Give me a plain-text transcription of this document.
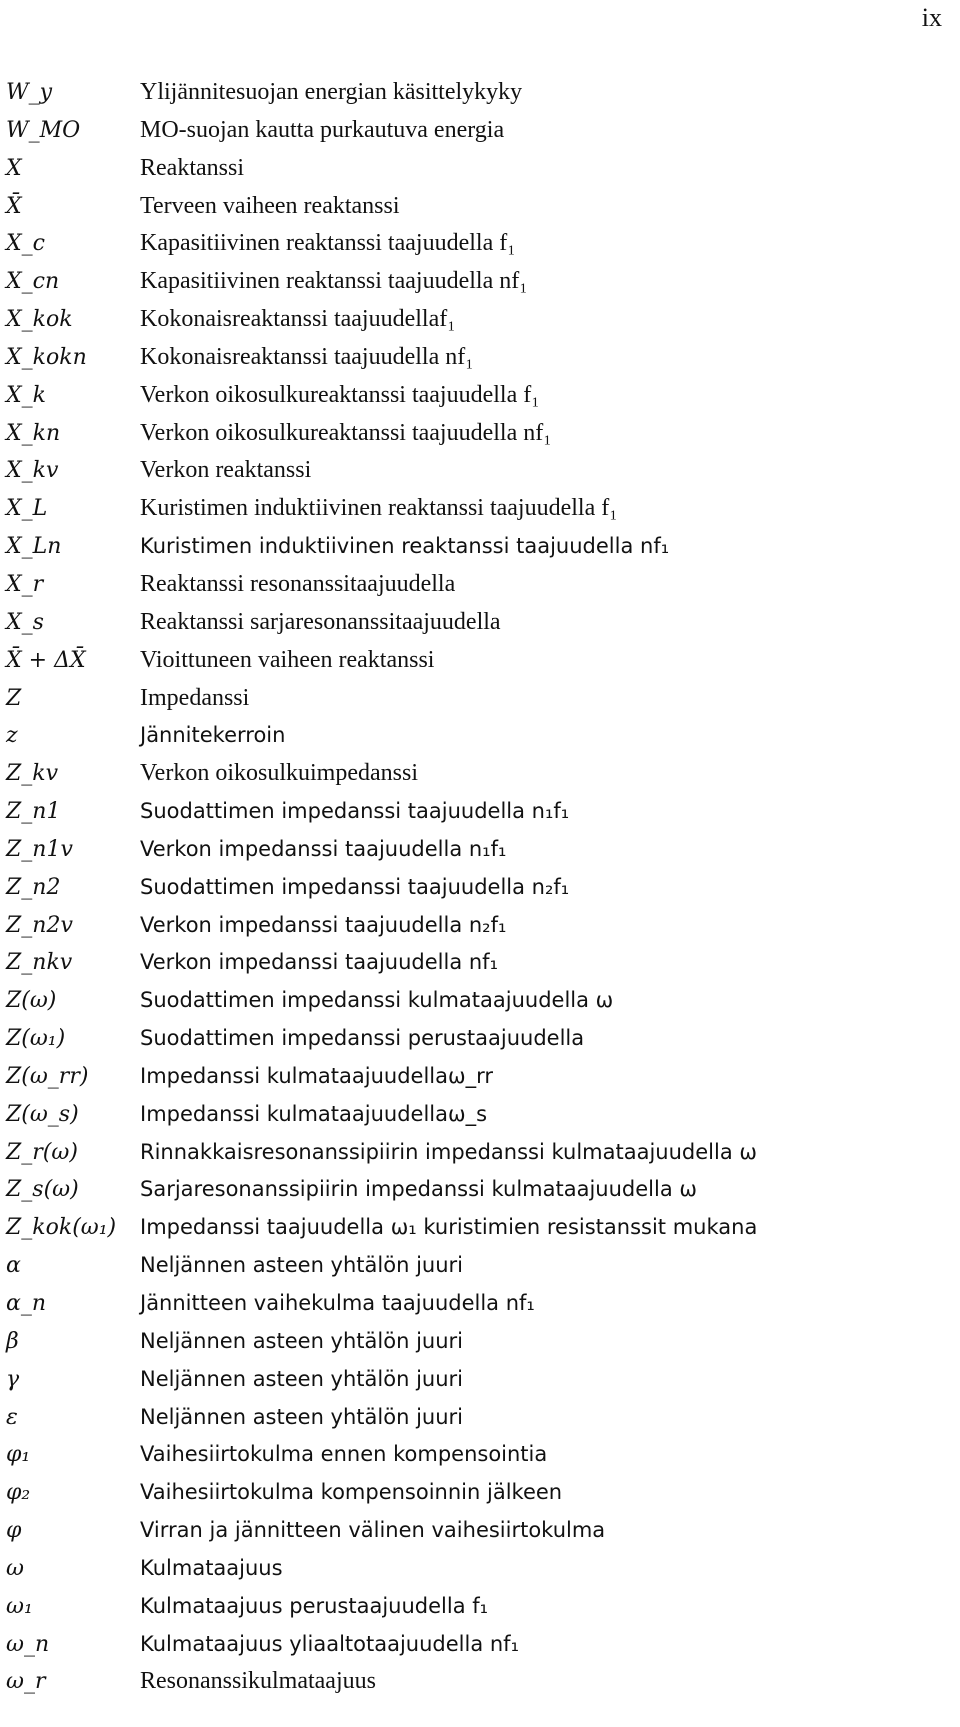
ix
W_y	Ylijännitesuojan energian käsittelykyky
W_MO MO-suojan kautta purkautuva energia
X	Reaktanssi
X̄	Terveen vaiheen reaktanssi
X_c	Kapasitiivinen reaktanssi taajuudella f₁
X_cn	Kapasitiivinen reaktanssi taajuudella nf₁
X_kok	Kokonaisreaktanssi taajuudellaf₁
X_kokn Kokonaisreaktanssi taajuudella nf₁
X_k	Verkon oikosulkureaktanssi taajuudella f₁
X_kn	Verkon oikosulkureaktanssi taajuudella nf₁
X_kv	Verkon reaktanssi
X_L	Kuristimen induktiivinen reaktanssi taajuudella f₁
X_Ln	Kuristimen induktiivinen reaktanssi taajuudella nf₁
X_r	Reaktanssi resonanssitaajuudella
X_s	Reaktanssi sarjaresonanssitaajuudella
X̄ + ΔX̄ Vioittuneen vaiheen reaktanssi
Z	Impedanssi
z	Jännitekerroin
Z_kv	Verkon oikosulkuimpedanssi
Z_n1	Suodattimen impedanssi taajuudella n₁f₁
Z_n1v	Verkon impedanssi taajuudella n₁f₁
Z_n2	Suodattimen impedanssi taajuudella n₂f₁
Z_n2v	Verkon impedanssi taajuudella n₂f₁
Z_nkv	Verkon impedanssi taajuudella nf₁
Z(ω)	Suodattimen impedanssi kulmataajuudella ω
Z(ω₁)	Suodattimen impedanssi perustaajuudella
Z(ω_rr) Impedanssi kulmataajuudellaω_rr
Z(ω_s)	Impedanssi kulmataajuudellaω_s
Z_r(ω)	Rinnakkaisresonanssipiirin impedanssi kulmataajuudella ω
Z_s(ω)	Sarjaresonanssipiirin impedanssi kulmataajuudella ω
Z_kok(ω₁) Impedanssi taajuudella ω₁ kuristimien resistanssit mukana
α	Neljännen asteen yhtälön juuri
α_n	Jännitteen vaihekulma taajuudella nf₁
β	Neljännen asteen yhtälön juuri
γ	Neljännen asteen yhtälön juuri
ε	Neljännen asteen yhtälön juuri
φ₁	Vaihesiirtokulma ennen kompensointia
φ₂	Vaihesiirtokulma kompensoinnin jälkeen
φ	Virran ja jännitteen välinen vaihesiirtokulma
ω	Kulmataajuus
ω₁	Kulmataajuus perustaajuudella f₁
ω_n	Kulmataajuus yliaaltotaajuudella nf₁
ω_r	Resonanssikulmataajuus
